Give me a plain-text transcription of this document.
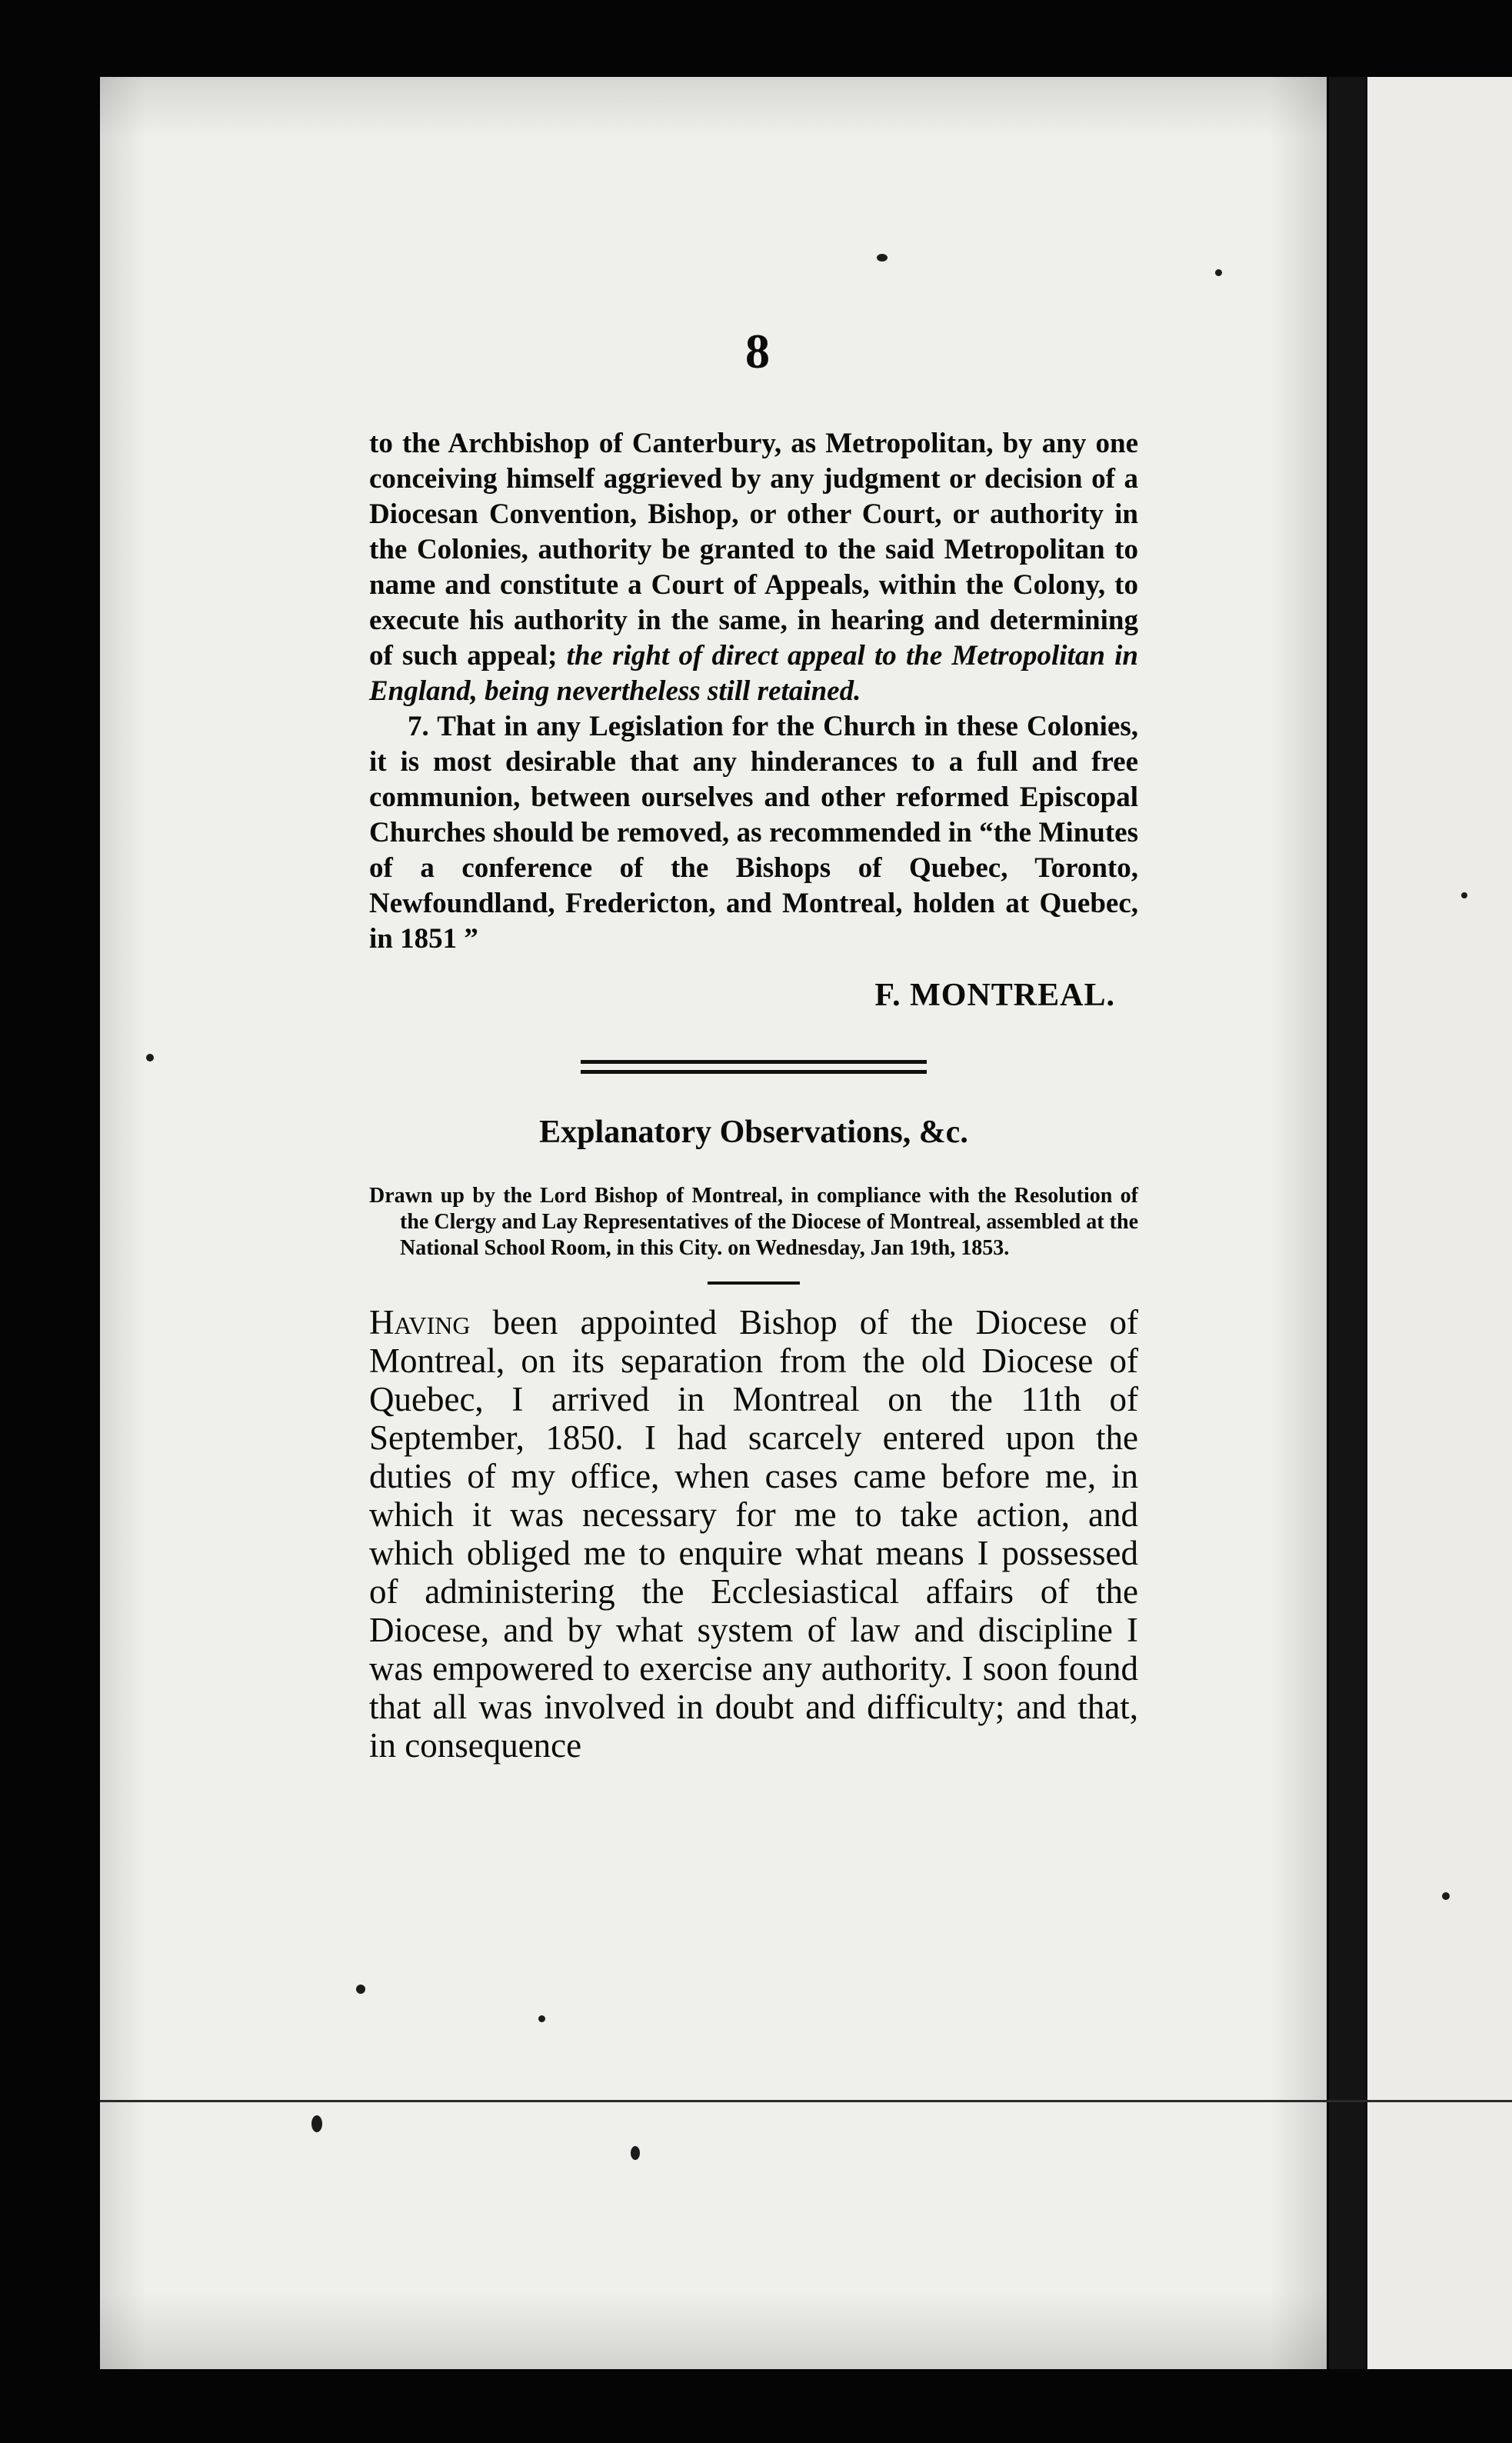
8

to the Archbishop of Canterbury, as Metropolitan, by any one conceiving himself aggrieved by any judgment or decision of a Diocesan Convention, Bishop, or other Court, or authority in the Colonies, authority be granted to the said Metropolitan to name and constitute a Court of Appeals, within the Colony, to execute his authority in the same, in hearing and determining of such appeal; the right of direct appeal to the Metropolitan in England, being nevertheless still retained.

7. That in any Legislation for the Church in these Colonies, it is most desirable that any hinderances to a full and free communion, between ourselves and other reformed Episcopal Churches should be removed, as recommended in “the Minutes of a conference of the Bishops of Quebec, Toronto, Newfoundland, Fredericton, and Montreal, holden at Quebec, in 1851 ”

F. MONTREAL.
Explanatory Observations, &c.

Drawn up by the Lord Bishop of Montreal, in compliance with the Resolution of the Clergy and Lay Representatives of the Diocese of Montreal, assembled at the National School Room, in this City. on Wednesday, Jan 19th, 1853.

Having been appointed Bishop of the Diocese of Montreal, on its separation from the old Diocese of Quebec, I arrived in Montreal on the 11th of September, 1850. I had scarcely entered upon the duties of my office, when cases came before me, in which it was necessary for me to take action, and which obliged me to enquire what means I possessed of administering the Ecclesiastical affairs of the Diocese, and by what system of law and discipline I was empowered to exercise any authority. I soon found that all was involved in doubt and difficulty; and that, in consequence
